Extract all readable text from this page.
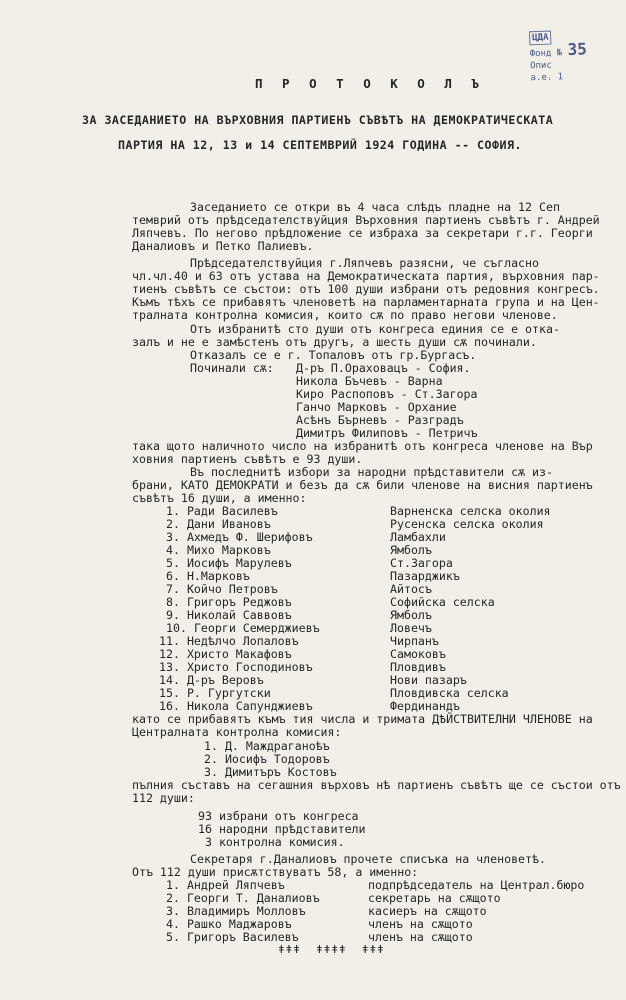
ЦДА
Фонд № 35
Опис
a.e. 1
П Р О Т О К О Л Ъ
ЗА ЗАСЕДАНИЕТО НА ВЪРХОВНИЯ ПАРТИЕНЪ СЪВѢТЪ НА ДЕМОКРАТИЧЕСКАТА
ПАРТИЯ НА 12, 13 и 14 СЕПТЕМВРИЙ 1924 ГОДИНА -- СОФИЯ.
Заседанието се откри въ 4 часа слѣдъ пладне на 12 Сеп
темврий отъ прѣдседателствуйция Върховния партиенъ съвѣтъ г. Андрей
Ляпчевъ. По негово прѣдложение се избраха за секретари г.г. Георги
Даналиовъ и Петко Палиевъ.
Прѣдседателствуйция г.Ляпчевъ разясни, че съгласно
чл.чл.40 и 63 отъ устава на Демократическата партия, върховния пар-
тиенъ съвѣтъ се състои: отъ 100 души избрани отъ редовния конгресъ.
Къмъ тѣхъ се прибавятъ членоветѣ на парламентарната група и на Цен-
тралната контролна комисия, които сѫ по право негови членове.
Отъ избранитѣ сто души отъ конгреса единия се е отка-
залъ и не е замѣстенъ отъ другъ, а шесть души сѫ починали.
Отказалъ се е г. Топаловъ отъ гр.Бургасъ.
Починали сѫ: Д-ръ П.Ораховацъ - София.
Никола Бъчевъ - Варна
Киро Распоповъ - Ст.Загора
Ганчо Марковъ - Орхание
Асѣнъ Бърневъ - Разградъ
Димитръ Филиповъ - Петричъ
така щото наличното число на избранитѣ отъ конгреса членове на Вър
ховния партиенъ съвѣтъ е 93 души.
Въ последнитѣ избори за народни прѣдставители сѫ из-
брани, КАТО ДЕМОКРАТИ и безъ да сѫ били членове на висния партиенъ
съвѣтъ 16 души, а именно:
1. Ради Василевъ	Варненска селска околия
2. Дани Ивановъ	Русенска селска околия
3. Ахмедъ Ф. Шерифовъ	Ламбахли
4. Михо Марковъ	Ямболъ
5. Иосифъ Марулевъ	Ст.Загора
6. Н.Марковъ	Пазарджикъ
7. Койчо Петровъ	Айтосъ
8. Григоръ Реджовъ	Софийска селска
9. Николай Саввовъ	Ямболъ
10. Георги Семерджиевъ	Ловечъ
11. Недѣлчо Лопаловъ	Чирпанъ
12. Христо Макафовъ	Самоковъ
13. Христо Господиновъ	Пловдивъ
14. Д-ръ Веровъ	Нови пазаръ
15. Р. Гургутски	Пловдивска селска
16. Никола Сапунджиевъ	Фердинандъ
като се прибавятъ къмъ тия числа и тримата ДѢЙСТВИТЕЛНИ ЧЛЕНОВЕ на
Централната контролна комисия:
1. Д. Маждраганоѣъ
2. Иосифъ Тодоровъ
3. Димитъръ Костовъ
пълния съставъ на сегашния върховъ нѣ партиенъ съвѣтъ ще се състои отъ
112 души:
93 избрани отъ конгреса
16 народни прѣдставители
3 контролна комисия.
Секретаря г.Даналиовъ прочете списъка на членоветѣ.
Отъ 112 души присѫтствуватъ 58, а именно:
1. Андрей Ляпчевъ	подпрѣдседатель на Централ.бюро
2. Георги Т. Даналиовъ	секретарь на сѫщото
3. Владимиръ Молловъ	касиеръ на сѫщото
4. Рашко Маджаровъ	членъ на сѫщото
5. Григоръ Василевъ	членъ на сѫщото
ǂǂǂ  ǂǂǂǂ  ǂǂǂ
